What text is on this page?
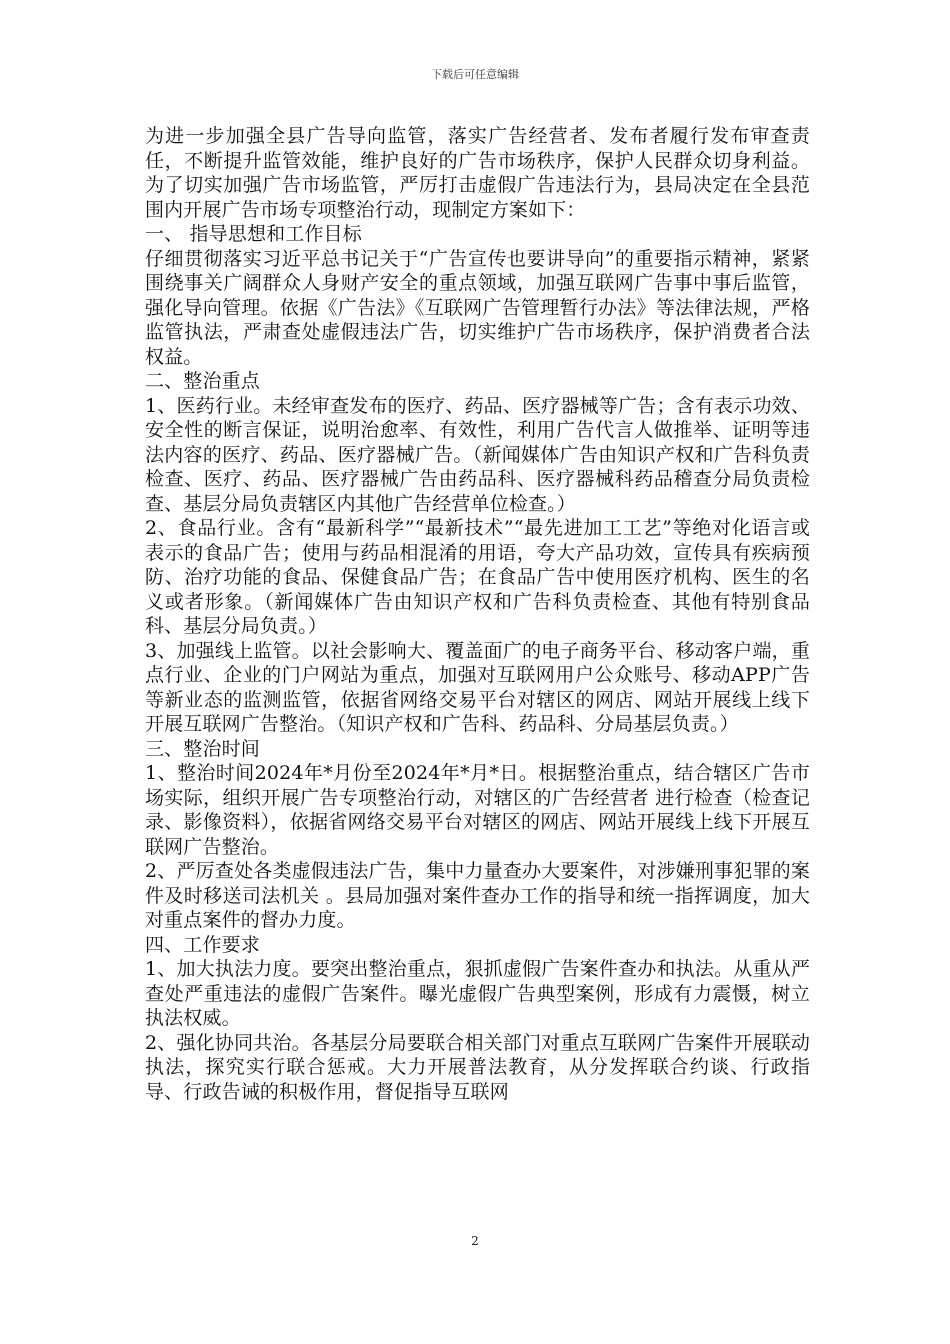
下载后可任意编辑

为进一步加强全县广告导向监管，落实广告经营者、发布者履行发布审查责任，不断提升监管效能，维护良好的广告市场秩序，保护人民群众切身利益。为了切实加强广告市场监管，严厉打击虚假广告违法行为，县局决定在全县范围内开展广告市场专项整治行动，现制定方案如下：

一、 指导思想和工作目标

仔细贯彻落实习近平总书记关于“广告宣传也要讲导向”的重要指示精神，紧紧围绕事关广阔群众人身财产安全的重点领域，加强互联网广告事中事后监管，强化导向管理。依据《广告法》《互联网广告管理暂行办法》等法律法规，严格监管执法，严肃查处虚假违法广告，切实维护广告市场秩序，保护消费者合法权益。

二、整治重点

1、医药行业。未经审查发布的医疗、药品、医疗器械等广告；含有表示功效、安全性的断言保证，说明治愈率、有效性，利用广告代言人做推举、证明等违法内容的医疗、药品、医疗器械广告。（新闻媒体广告由知识产权和广告科负责检查、医疗、药品、医疗器械广告由药品科、医疗器械科药品稽查分局负责检查、基层分局负责辖区内其他广告经营单位检查。）

2、食品行业。含有“最新科学”“最新技术”“最先进加工工艺”等绝对化语言或表示的食品广告；使用与药品相混淆的用语，夸大产品功效，宣传具有疾病预防、治疗功能的食品、保健食品广告；在食品广告中使用医疗机构、医生的名义或者形象。（新闻媒体广告由知识产权和广告科负责检查、其他有特别食品科、基层分局负责。）

3、加强线上监管。以社会影响大、覆盖面广的电子商务平台、移动客户端，重点行业、企业的门户网站为重点，加强对互联网用户公众账号、移动APP广告等新业态的监测监管，依据省网络交易平台对辖区的网店、网站开展线上线下开展互联网广告整治。（知识产权和广告科、药品科、分局基层负责。）

三、整治时间

1、整治时间2024年*月份至2024年*月*日。根据整治重点，结合辖区广告市场实际，组织开展广告专项整治行动，对辖区的广告经营者 进行检查（检查记录、影像资料），依据省网络交易平台对辖区的网店、网站开展线上线下开展互联网广告整治。

2、严厉查处各类虚假违法广告，集中力量查办大要案件，对涉嫌刑事犯罪的案件及时移送司法机关 。县局加强对案件查办工作的指导和统一指挥调度，加大对重点案件的督办力度。

四、工作要求

1、加大执法力度。要突出整治重点，狠抓虚假广告案件查办和执法。从重从严查处严重违法的虚假广告案件。曝光虚假广告典型案例，形成有力震慑，树立执法权威。

2、强化协同共治。各基层分局要联合相关部门对重点互联网广告案件开展联动执法，探究实行联合惩戒。大力开展普法教育，从分发挥联合约谈、行政指导、行政告诫的积极作用，督促指导互联网

2
